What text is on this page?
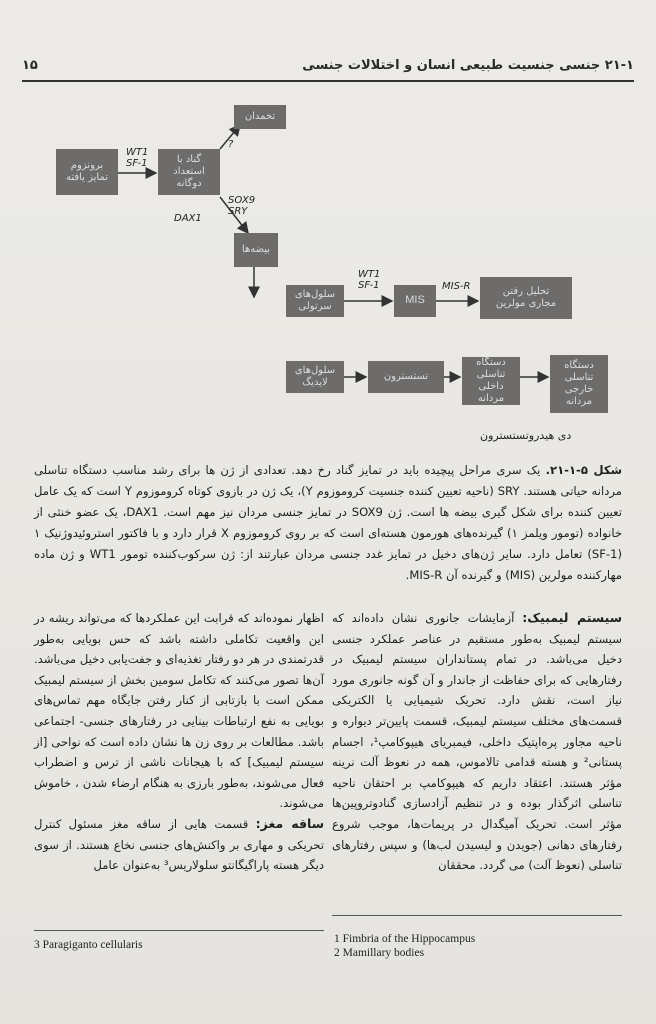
۲۱-۱ جنسی جنسیت طبیعی انسان و اختلالات جنسی
۱۵
برونزوم
تمایز یافته
گناد با استعداد
دوگانه
تخمدان
بیضه‌ها
سلول‌های
سرتولی
MIS
تحلیل رفتن
مجاری مولرین
سلول‌های
لایدیگ
تستسترون
دستگاه تناسلی
داخلی مردانه
دستگاه تناسلی
خارجی مردانه
WT1
SF-1
?
SOX9
SRY
DAX1
WT1
SF-1	MIS-R
دی هیدروتستسترون
شکل ۵-۱-۲۱. یک سری مراحل پیچیده باید در تمایز گناد رخ دهد. تعدادی از ژن ها برای رشد مناسب دستگاه تناسلی مردانه حیاتی هستند. SRY (ناحیه تعیین کننده جنسیت کروموزوم Y)، یک ژن در بازوی کوتاه کروموزوم Y است که یک عامل تعیین کننده برای شکل گیری بیضه ها است. ژن SOX9 در تمایز جنسی مردان نیز مهم است. DAX1، یک عضو خنثی از خانواده (تومور ویلمز ۱) گیرنده‌های هورمون هسته‌ای است که بر روی کروموزوم X قرار دارد و با فاکتور استروئیدوژنیک ۱ (SF-1) تعامل دارد. سایر ژن‌های دخیل در تمایز غدد جنسی مردان عبارتند از: ژن سرکوب‌کننده تومور WT1 و ژن ماده مهارکننده مولرین (MIS) و گیرنده آن MIS-R.
سیستم لیمبیک: آزمایشات جانوری نشان داده‌اند که سیستم لیمبیک به‌طور مستقیم در عناصر عملکرد جنسی دخیل می‌باشد. در تمام پستانداران سیستم لیمبیک در رفتارهایی که برای حفاظت از جاندار و آن گونه جانوری مورد نیاز است، نقش دارد. تحریک شیمیایی یا الکتریکی قسمت‌های مختلف سیستم لیمبیک، قسمت پایین‌تر دیواره و ناحیه مجاور پره‌اپتیک داخلی، فیمبریای هیپوکامپ¹، اجسام پستانی² و هسته قدامی تالاموس، همه در نعوظ آلت نرینه مؤثر هستند. اعتقاد داریم که هیپوکامپ بر احتقان ناحیه تناسلی اثرگذار بوده و در تنظیم آزادسازی گنادوتروپین‌ها مؤثر است. تحریک آمیگدال در پریمات‌ها، موجب شروع رفتارهای دهانی (جویدن و لیسیدن لب‌ها) و سپس رفتارهای تناسلی (نعوظ آلت) می گردد. محققان
اظهار نموده‌اند که قرابت این عملکردها که می‌تواند ریشه در این واقعیت تکاملی داشته باشد که حس بویایی به‌طور قدرتمندی در هر دو رفتار تغذیه‌ای و جفت‌یابی دخیل می‌باشد. آن‌ها تصور می‌کنند که تکامل سومین بخش از سیستم لیمبیک ممکن است با بازتابی از کنار رفتن جایگاه مهم تماس‌های بویایی به نفع ارتباطات بینایی در رفتارهای جنسی- اجتماعی باشد. مطالعات بر روی زن ها نشان داده است که نواحی [از سیستم لیمبیک] که با هیجانات ناشی از ترس و اضطراب فعال می‌شوند، به‌طور بارزی به هنگام ارضاء شدن ، خاموش می‌شوند.
ساقه مغز: قسمت هایی از ساقه مغز مسئول کنترل تحریکی و مهاری بر واکنش‌های جنسی نخاع هستند. از سوی دیگر هسته پاراگیگانتو سلولاریس³ به‌عنوان عامل
1 Fimbria of the Hippocampus
2 Mamillary bodies
3 Paragiganto cellularis
